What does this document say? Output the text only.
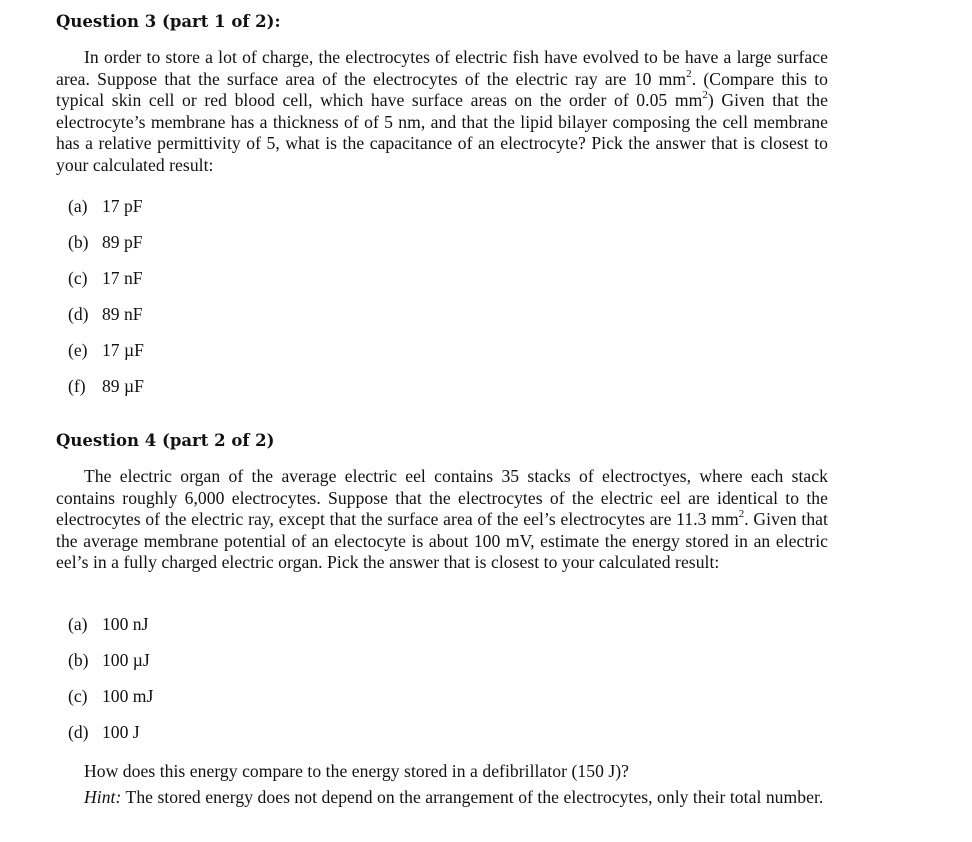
Question 3 (part 1 of 2):

In order to store a lot of charge, the electrocytes of electric fish have evolved to be have a large surface area. Suppose that the surface area of the electrocytes of the electric ray are 10 $mm^2$. (Compare this to typical skin cell or red blood cell, which have surface areas on the order of 0.05 $mm^2$) Given that the electrocyte’s membrane has a thickness of of 5 nm, and that the lipid bilayer composing the cell membrane has a relative permittivity of 5, what is the capacitance of an electrocyte? Pick the answer that is closest to your calculated result:

(a) 17 pF
(b) 89 pF
(c) 17 nF
(d) 89 nF
(e) 17 µF
(f) 89 µF
Question 4 (part 2 of 2)

The electric organ of the average electric eel contains 35 stacks of electroctyes, where each stack contains roughly 6,000 electrocytes. Suppose that the electrocytes of the electric eel are identical to the electrocytes of the electric ray, except that the surface area of the eel’s electrocytes are 11.3 $mm^2$. Given that the average membrane potential of an electocyte is about 100 mV, estimate the energy stored in an electric eel’s in a fully charged electric organ. Pick the answer that is closest to your calculated result:

(a) 100 nJ
(b) 100 µJ
(c) 100 mJ
(d) 100 J

How does this energy compare to the energy stored in a defibrillator (150 J)?

Hint: The stored energy does not depend on the arrangement of the electrocytes, only their total number.
